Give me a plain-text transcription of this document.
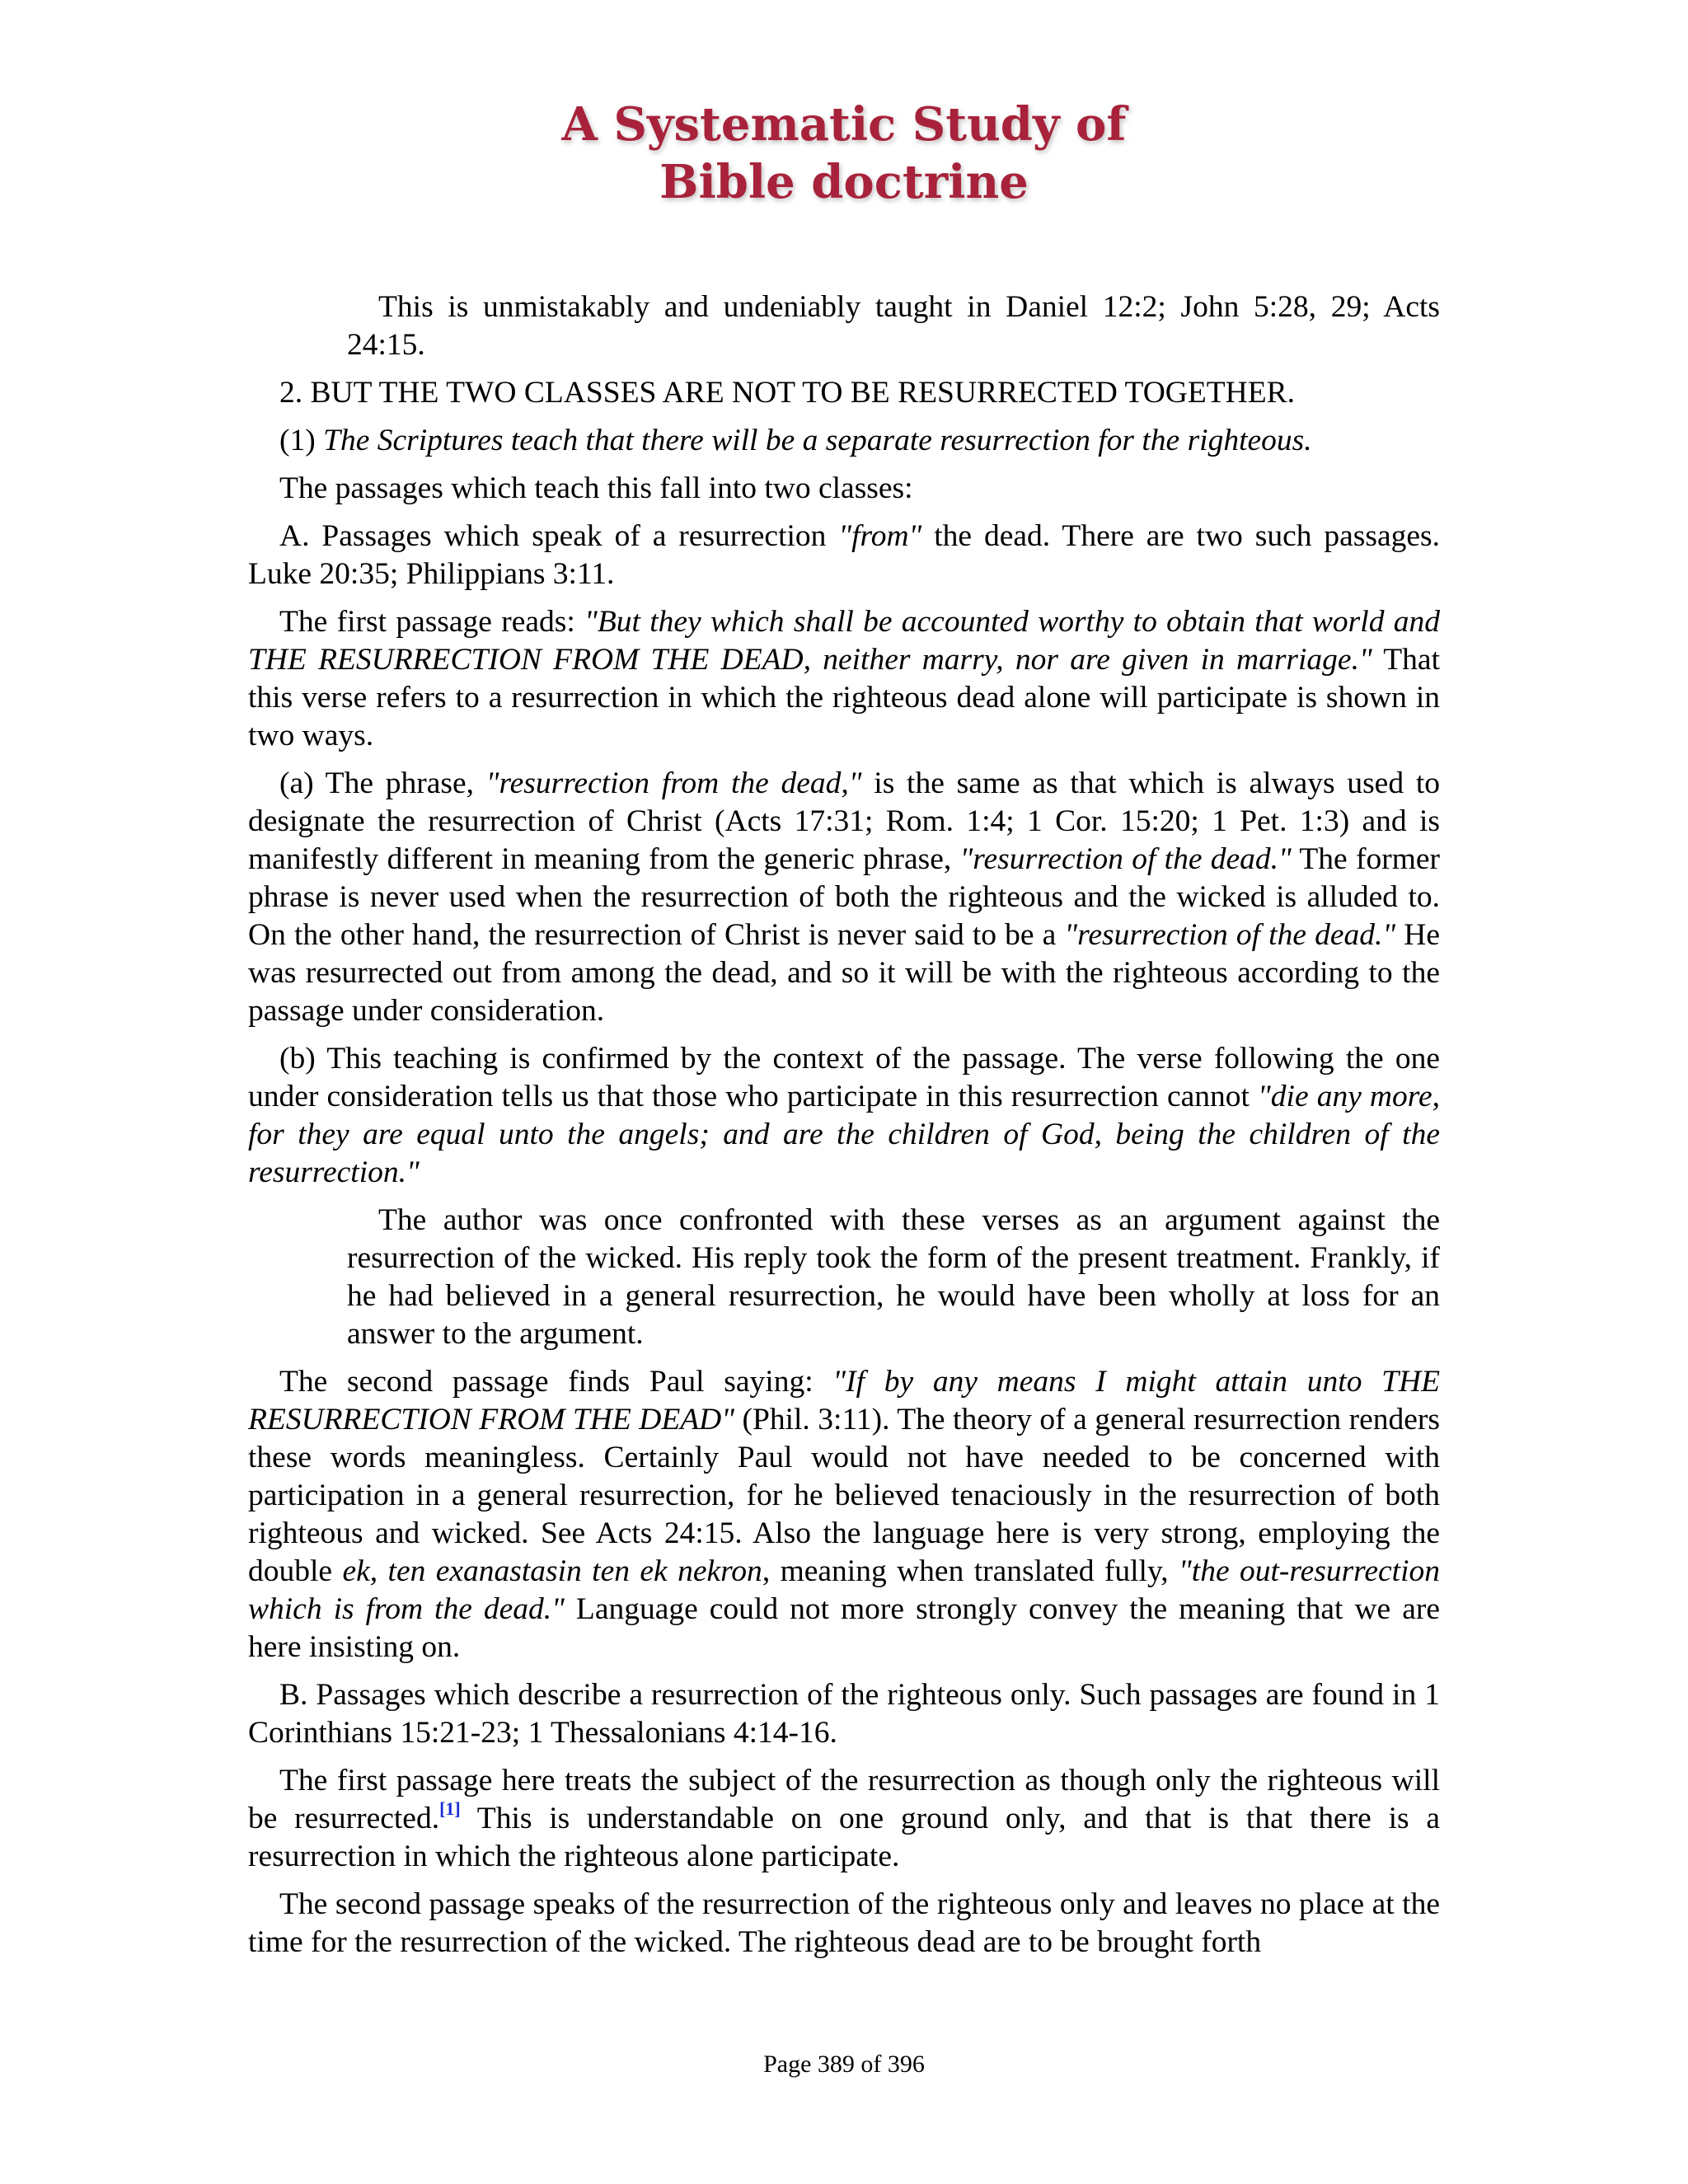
A Systematic Study of
Bible doctrine

This is unmistakably and undeniably taught in Daniel 12:2; John 5:28, 29; Acts 24:15.

2. BUT THE TWO CLASSES ARE NOT TO BE RESURRECTED TOGETHER.

(1) The Scriptures teach that there will be a separate resurrection for the righteous.

The passages which teach this fall into two classes:

A. Passages which speak of a resurrection "from" the dead. There are two such passages. Luke 20:35; Philippians 3:11.

The first passage reads: "But they which shall be accounted worthy to obtain that world and THE RESURRECTION FROM THE DEAD, neither marry, nor are given in marriage." That this verse refers to a resurrection in which the righteous dead alone will participate is shown in two ways.

(a) The phrase, "resurrection from the dead," is the same as that which is always used to designate the resurrection of Christ (Acts 17:31; Rom. 1:4; 1 Cor. 15:20; 1 Pet. 1:3) and is manifestly different in meaning from the generic phrase, "resurrection of the dead." The former phrase is never used when the resurrection of both the righteous and the wicked is alluded to. On the other hand, the resurrection of Christ is never said to be a "resurrection of the dead." He was resurrected out from among the dead, and so it will be with the righteous according to the passage under consideration.

(b) This teaching is confirmed by the context of the passage. The verse following the one under consideration tells us that those who participate in this resurrection cannot "die any more, for they are equal unto the angels; and are the children of God, being the children of the resurrection."

The author was once confronted with these verses as an argument against the resurrection of the wicked. His reply took the form of the present treatment. Frankly, if he had believed in a general resurrection, he would have been wholly at loss for an answer to the argument.

The second passage finds Paul saying: "If by any means I might attain unto THE RESURRECTION FROM THE DEAD" (Phil. 3:11). The theory of a general resurrection renders these words meaningless. Certainly Paul would not have needed to be concerned with participation in a general resurrection, for he believed tenaciously in the resurrection of both righteous and wicked. See Acts 24:15. Also the language here is very strong, employing the double ek, ten exanastasin ten ek nekron, meaning when translated fully, "the out-resurrection which is from the dead." Language could not more strongly convey the meaning that we are here insisting on.

B. Passages which describe a resurrection of the righteous only. Such passages are found in 1 Corinthians 15:21-23; 1 Thessalonians 4:14-16.

The first passage here treats the subject of the resurrection as though only the righteous will be resurrected.[1] This is understandable on one ground only, and that is that there is a resurrection in which the righteous alone participate.

The second passage speaks of the resurrection of the righteous only and leaves no place at the time for the resurrection of the wicked. The righteous dead are to be brought forth

Page 389 of 396
